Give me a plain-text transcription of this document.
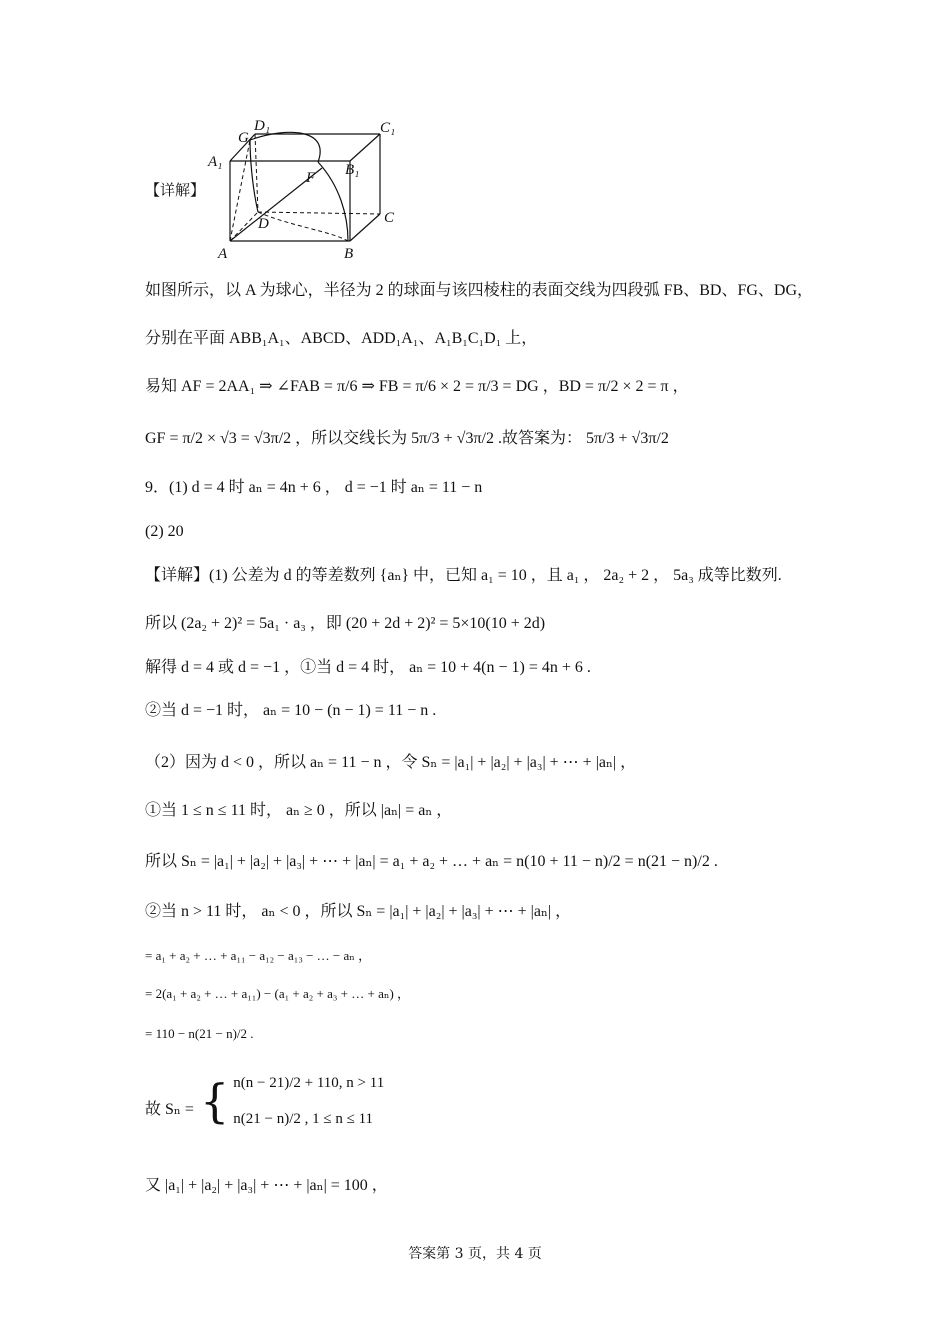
【详解】
D₁	C₁
G
A₁	B₁
F
D	C
A	B
如图所示，以 A 为球心，半径为 2 的球面与该四棱柱的表面交线为四段弧 FB、BD、FG、DG，
分别在平面 ABB₁A₁、ABCD、ADD₁A₁、A₁B₁C₁D₁ 上，
易知 AF = 2AA₁ ⇒ ∠FAB = π/6 ⇒ FB = π/6 × 2 = π/3 = DG ，BD = π/2 × 2 = π ，
GF = π/2 × √3 = √3π/2 ，所以交线长为 5π/3 + √3π/2 .故答案为： 5π/3 + √3π/2
9．(1) d = 4 时 aₙ = 4n + 6 ， d = −1 时 aₙ = 11 − n
(2) 20
【详解】(1) 公差为 d 的等差数列 {aₙ} 中，已知 a₁ = 10 ，且 a₁ ， 2a₂ + 2 ， 5a₃ 成等比数列.
所以 (2a₂ + 2)² = 5a₁ · a₃ ，即 (20 + 2d + 2)² = 5×10(10 + 2d)
解得 d = 4 或 d = −1 ，①当 d = 4 时， aₙ = 10 + 4(n − 1) = 4n + 6 .
②当 d = −1 时， aₙ = 10 − (n − 1) = 11 − n .
（2）因为 d < 0 ，所以 aₙ = 11 − n ，令 Sₙ = |a₁| + |a₂| + |a₃| + ⋯ + |aₙ| ，
①当 1 ≤ n ≤ 11 时， aₙ ≥ 0 ，所以 |aₙ| = aₙ ，
所以 Sₙ = |a₁| + |a₂| + |a₃| + ⋯ + |aₙ| = a₁ + a₂ + … + aₙ = n(10 + 11 − n)/2 = n(21 − n)/2 .
②当 n > 11 时， aₙ < 0 ，所以 Sₙ = |a₁| + |a₂| + |a₃| + ⋯ + |aₙ| ，
= a₁ + a₂ + … + a₁₁ − a₁₂ − a₁₃ − … − aₙ ，
= 2(a₁ + a₂ + … + a₁₁) − (a₁ + a₂ + a₃ + … + aₙ) ，
= 110 − n(21 − n)/2 .
故 Sₙ = { n(n − 21)/2 + 110, n > 11
n(21 − n)/2 , 1 ≤ n ≤ 11
又 |a₁| + |a₂| + |a₃| + ⋯ + |aₙ| = 100 ，
答案第 3 页，共 4 页
